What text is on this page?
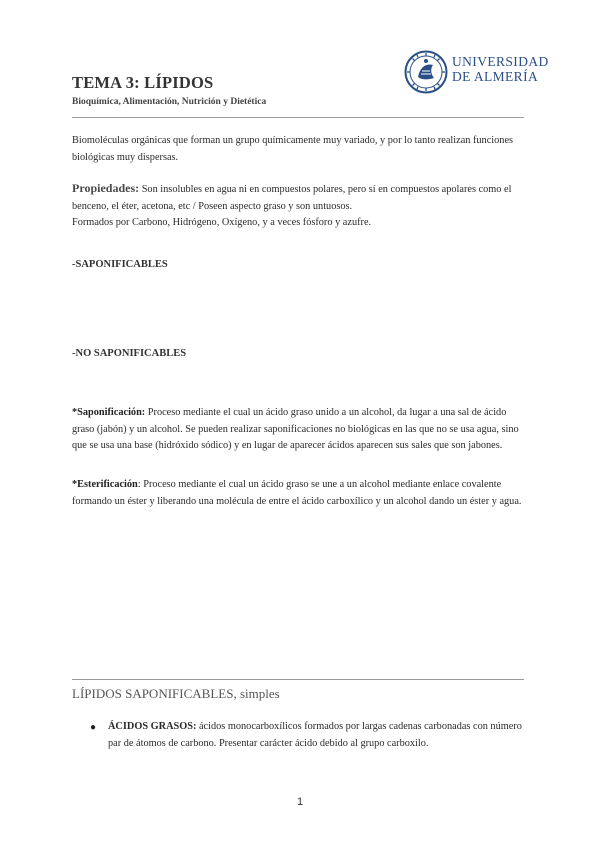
TEMA 3: LÍPIDOS
Bioquímica, Alimentación, Nutrición y Dietética
UNIVERSIDAD
DE ALMERÍA
Biomoléculas orgánicas que forman un grupo químicamente muy variado, y por lo tanto realizan funciones biológicas muy dispersas.
Propiedades: Son insolubles en agua ni en compuestos polares, pero sí en compuestos apolares como el benceno, el éter, acetona, etc / Poseen aspecto graso y son untuosos.
Formados por Carbono, Hidrógeno, Oxígeno, y a veces fósforo y azufre.
-SAPONIFICABLES
-NO SAPONIFICABLES
*Saponificación: Proceso mediante el cual un ácido graso unido a un alcohol, da lugar a una sal de ácido graso (jabón) y un alcohol. Se pueden realizar saponificaciones no biológicas en las que no se usa agua, sino que se usa una base (hidróxido sódico) y en lugar de aparecer ácidos aparecen sus sales que son jabones.
*Esterificación: Proceso mediante el cual un ácido graso se une a un alcohol mediante enlace covalente formando un éster y liberando una molécula de entre el ácido carboxílico y un alcohol dando un éster y agua.
LÍPIDOS SAPONIFICABLES, simples
● ÁCIDOS GRASOS: ácidos monocarboxílicos formados por largas cadenas carbonadas con número par de átomos de carbono. Presentar carácter ácido debido al grupo carboxilo.
1
